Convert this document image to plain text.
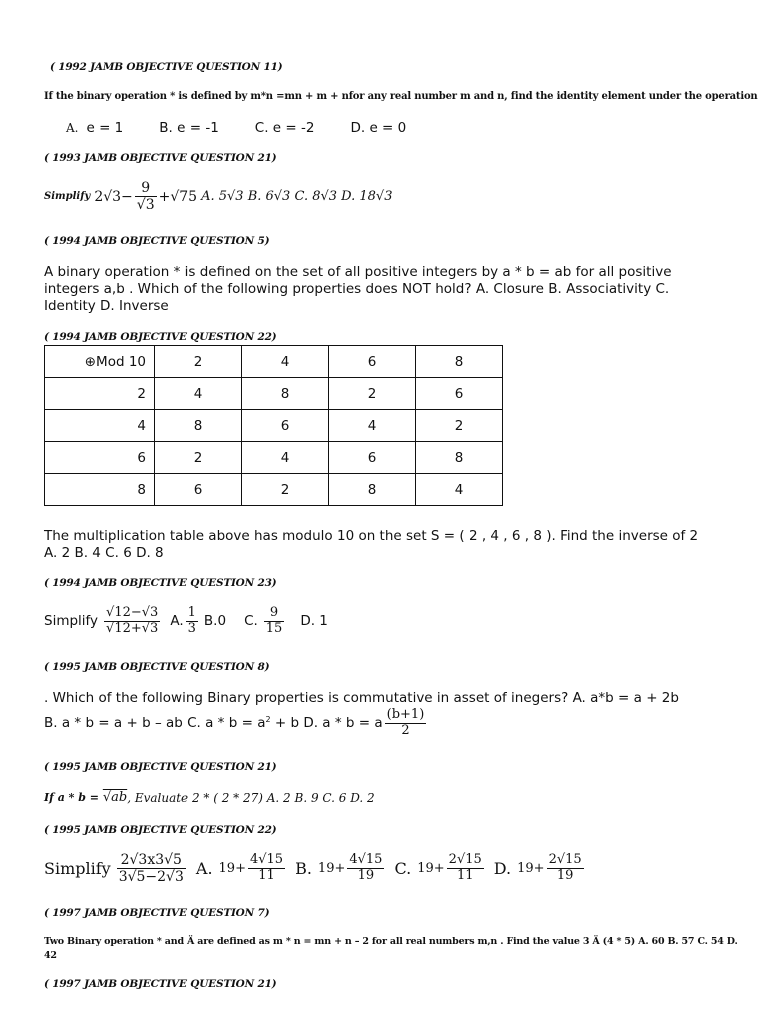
( 1992 JAMB OBJECTIVE QUESTION 11)
If the binary operation * is defined by m*n =mn + m + nfor any real number m and n, find the identity element under the operation
A. e = 1	B. e = -1	C. e = -2	D. e = 0
( 1993 JAMB OBJECTIVE QUESTION 21)
Simplify $2√3- \frac{9}{√3} +√75$ A. 5√3 B. 6√3 C. 8√3 D. 18√3
( 1994 JAMB OBJECTIVE QUESTION 5)
A binary operation * is defined on the set of all positive integers by a * b = ab for all positive
integers a,b . Which of the following properties does NOT hold? A. Closure B. Associativity C.
Identity D. Inverse
( 1994 JAMB OBJECTIVE QUESTION 22)
⊕Mod 10	2	4	6	8
2	4	8	2	6
4	8	6	4	2
6	2	4	6	8
8	6	2	8	4
The multiplication table above has modulo 10 on the set S = ( 2 , 4 , 6 , 8 ). Find the inverse of 2
A. 2 B. 4 C. 6 D. 8
( 1994 JAMB OBJECTIVE QUESTION 23)
Simplify $\frac{√12-√3}{√12+√3} A$. $\frac{1}{3} B.0$ C. $\frac{9}{15} D$. 1
( 1995 JAMB OBJECTIVE QUESTION 8)
. Which of the following Binary properties is commutative in asset of inegers? A. a*b = a + 2b
B. a * b = a + b – ab C. $a * b = a^2 + b$ D. a * b = a $\frac{(b+1)}{2}$
( 1995 JAMB OBJECTIVE QUESTION 21)
If a * b = √ab , Evaluate 2 * ( 2 * 27) A. 2 B. 9 C. 6 D. 2
( 1995 JAMB OBJECTIVE QUESTION 22)
Simplify $\frac{2√3x3√5}{3√5-2√3} A$. $19+ \frac{4√15}{11} B$. $19+ \frac{4√15}{19} C$. $19+ \frac{2√15}{11} D$. $19+ \frac{2√15}{19}$
( 1997 JAMB OBJECTIVE QUESTION 7)
Two Binary operation * and Ä are defined as m * n = mn + n – 2 for all real numbers m,n . Find the value 3 Ä (4 * 5) A. 60 B. 57 C. 54 D.
42
( 1997 JAMB OBJECTIVE QUESTION 21)
